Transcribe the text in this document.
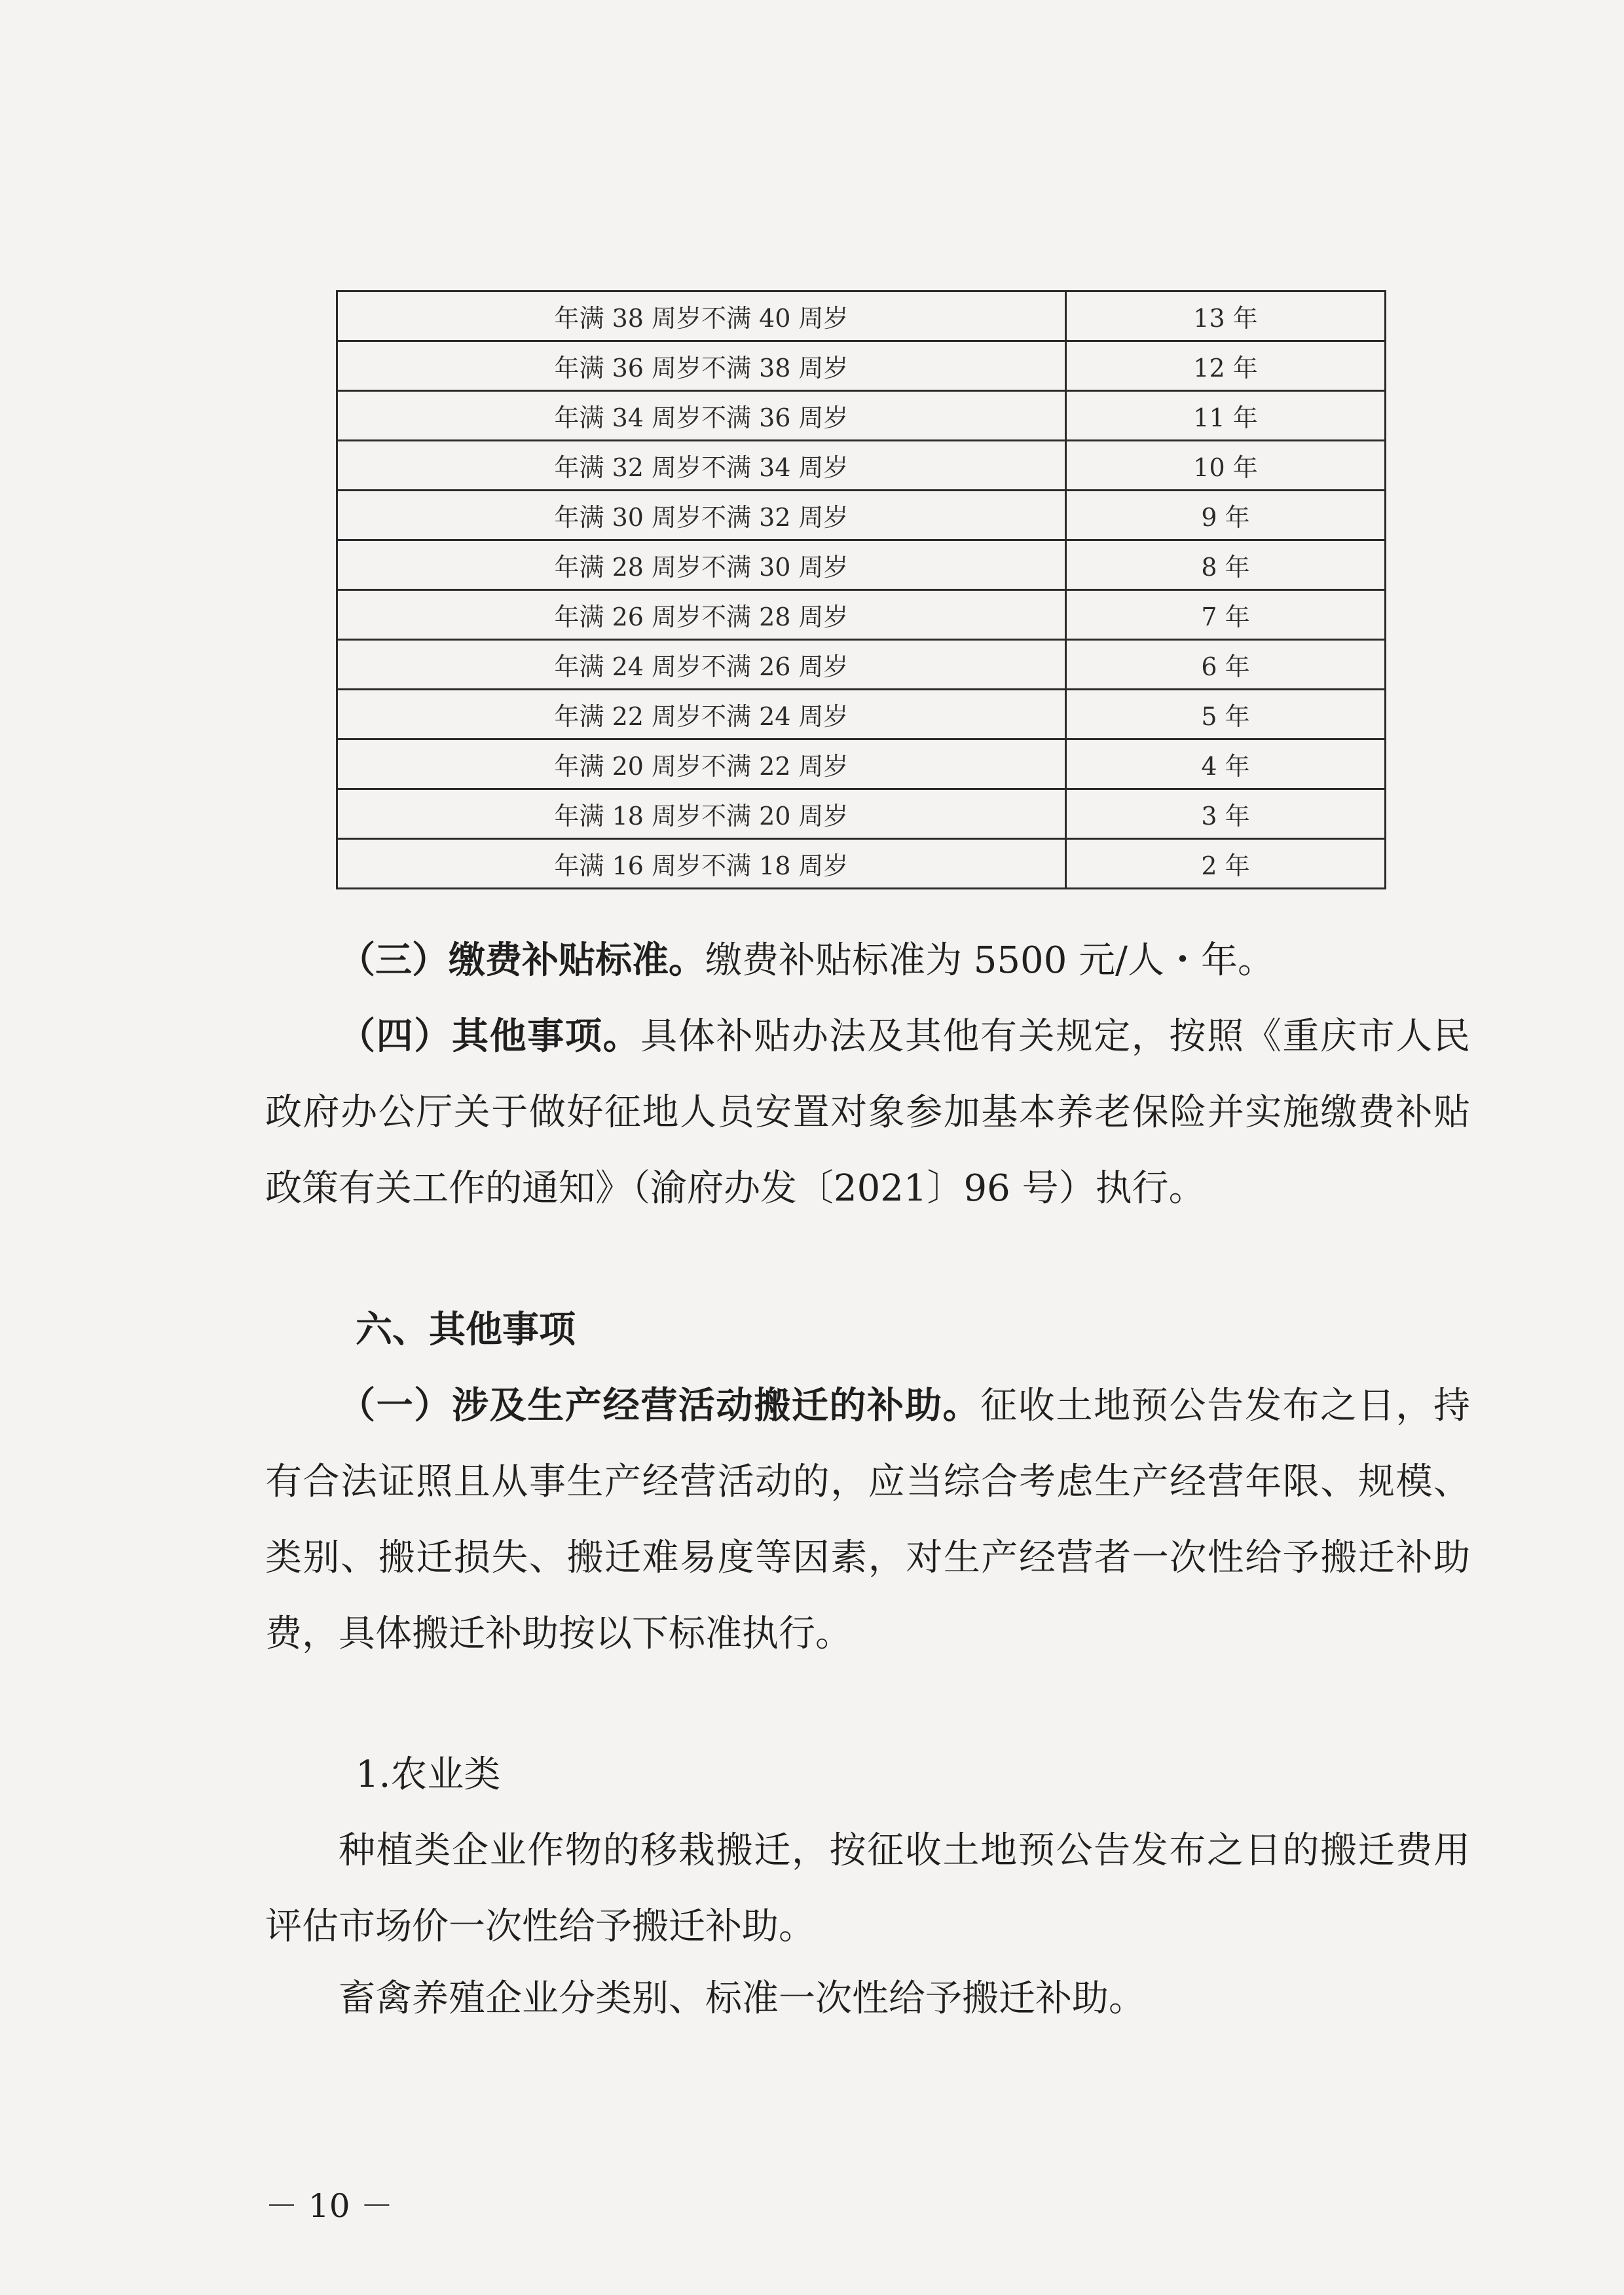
年满 38 周岁不满 40 周岁	13 年
年满 36 周岁不满 38 周岁	12 年
年满 34 周岁不满 36 周岁	11 年
年满 32 周岁不满 34 周岁	10 年
年满 30 周岁不满 32 周岁	9 年
年满 28 周岁不满 30 周岁	8 年
年满 26 周岁不满 28 周岁	7 年
年满 24 周岁不满 26 周岁	6 年
年满 22 周岁不满 24 周岁	5 年
年满 20 周岁不满 22 周岁	4 年
年满 18 周岁不满 20 周岁	3 年
年满 16 周岁不满 18 周岁	2 年

（三）缴费补贴标准。缴费补贴标准为 5500 元/人・年。

（四）其他事项。具体补贴办法及其他有关规定，按照《重庆市人民政府办公厅关于做好征地人员安置对象参加基本养老保险并实施缴费补贴政策有关工作的通知》（渝府办发〔2021〕96 号）执行。

六、其他事项

（一）涉及生产经营活动搬迁的补助。征收土地预公告发布之日，持有合法证照且从事生产经营活动的，应当综合考虑生产经营年限、规模、类别、搬迁损失、搬迁难易度等因素，对生产经营者一次性给予搬迁补助费，具体搬迁补助按以下标准执行。

1.农业类

种植类企业作物的移栽搬迁，按征收土地预公告发布之日的搬迁费用评估市场价一次性给予搬迁补助。

畜禽养殖企业分类别、标准一次性给予搬迁补助。

－ 10 －
